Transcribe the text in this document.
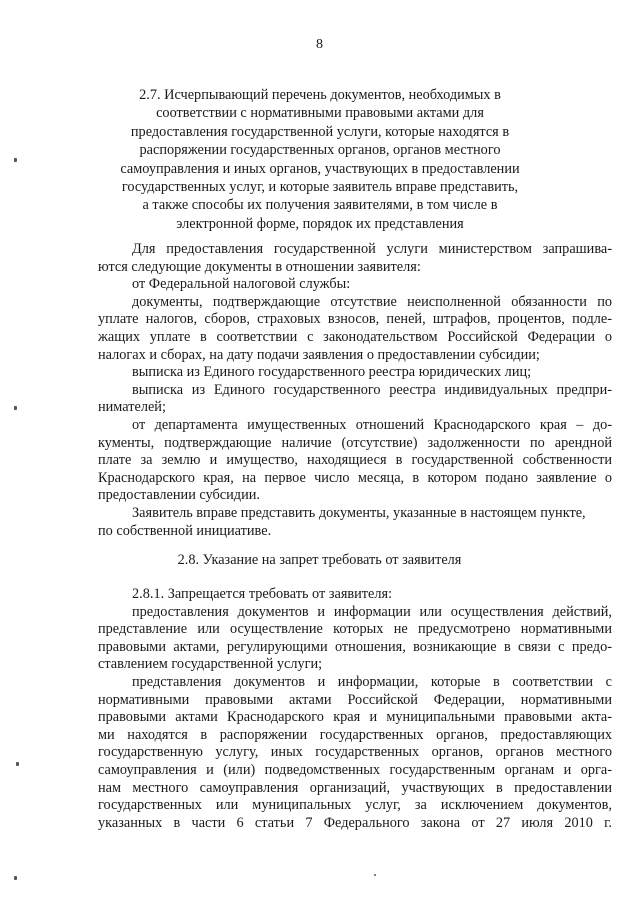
8
2.7. Исчерпывающий перечень документов, необходимых в
соответствии с нормативными правовыми актами для
предоставления государственной услуги, которые находятся в
распоряжении государственных органов, органов местного
самоуправления и иных органов, участвующих в предоставлении
государственных услуг, и которые заявитель вправе представить,
а также способы их получения заявителями, в том числе в
электронной форме, порядок их представления
Для предоставления государственной услуги министерством запрашива-
ются следующие документы в отношении заявителя:
от Федеральной налоговой службы:
документы, подтверждающие отсутствие неисполненной обязанности по
уплате налогов, сборов, страховых взносов, пеней, штрафов, процентов, подле-
жащих уплате в соответствии с законодательством Российской Федерации о
налогах и сборах, на дату подачи заявления о предоставлении субсидии;
выписка из Единого государственного реестра юридических лиц;
выписка из Единого государственного реестра индивидуальных предпри-
нимателей;
от департамента имущественных отношений Краснодарского края – до-
кументы, подтверждающие наличие (отсутствие) задолженности по арендной
плате за землю и имущество, находящиеся в государственной собственности
Краснодарского края, на первое число месяца, в котором подано заявление о
предоставлении субсидии.
Заявитель вправе представить документы, указанные в настоящем пункте,
по собственной инициативе.
2.8. Указание на запрет требовать от заявителя
2.8.1. Запрещается требовать от заявителя:
предоставления документов и информации или осуществления действий,
представление или осуществление которых не предусмотрено нормативными
правовыми актами, регулирующими отношения, возникающие в связи с предо-
ставлением государственной услуги;
представления документов и информации, которые в соответствии с
нормативными правовыми актами Российской Федерации, нормативными
правовыми актами Краснодарского края и муниципальными правовыми акта-
ми находятся в распоряжении государственных органов, предоставляющих
государственную услугу, иных государственных органов, органов местного
самоуправления и (или) подведомственных государственным органам и орга-
нам местного самоуправления организаций, участвующих в предоставлении
государственных или муниципальных услуг, за исключением документов,
указанных в части 6 статьи 7 Федерального закона от 27 июля 2010 г.
